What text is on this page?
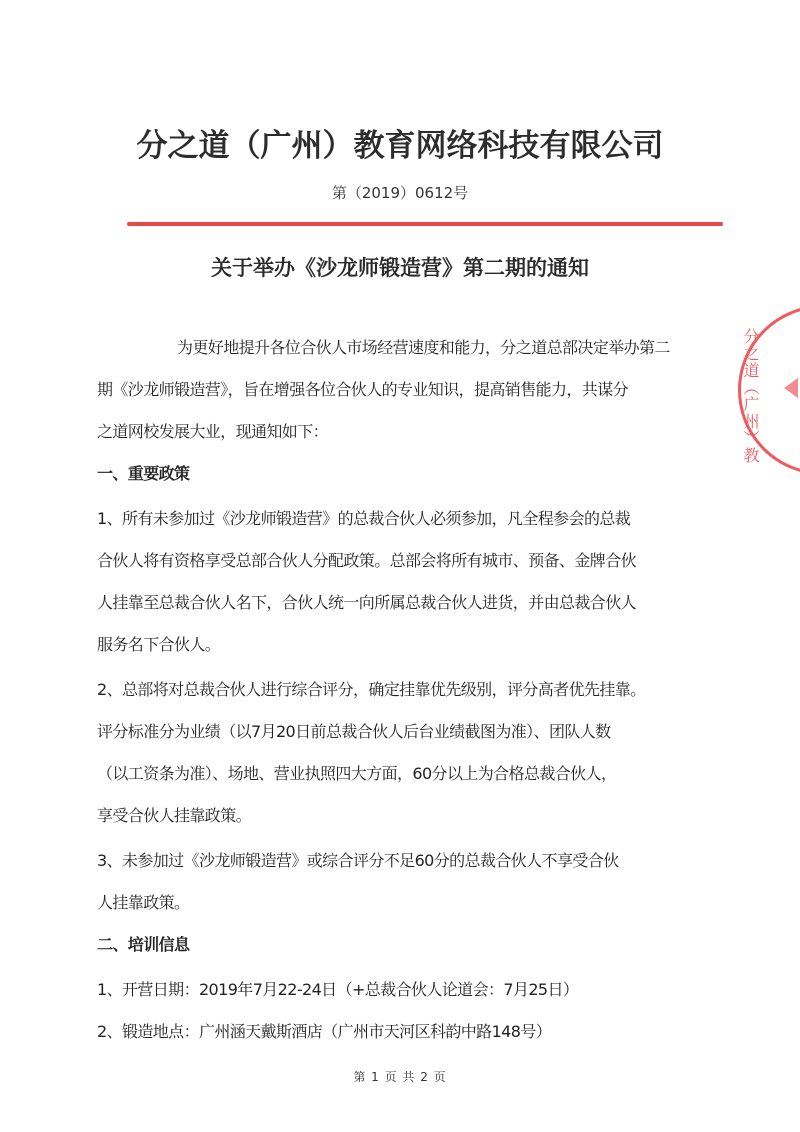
分之道（广州）教育网络科技有限公司
第（2019）0612号
关于举办《沙龙师锻造营》第二期的通知
为更好地提升各位合伙人市场经营速度和能力，分之道总部决定举办第二
期《沙龙师锻造营》，旨在增强各位合伙人的专业知识，提高销售能力，共谋分
之道网校发展大业，现通知如下：
一、重要政策
1、所有未参加过《沙龙师锻造营》的总裁合伙人必须参加，凡全程参会的总裁
合伙人将有资格享受总部合伙人分配政策。总部会将所有城市、预备、金牌合伙
人挂靠至总裁合伙人名下，合伙人统一向所属总裁合伙人进货，并由总裁合伙人
服务名下合伙人。
2、总部将对总裁合伙人进行综合评分，确定挂靠优先级别，评分高者优先挂靠。
评分标准分为业绩（以7月20日前总裁合伙人后台业绩截图为准）、团队人数
（以工资条为准）、场地、营业执照四大方面，60分以上为合格总裁合伙人，
享受合伙人挂靠政策。
3、未参加过《沙龙师锻造营》或综合评分不足60分的总裁合伙人不享受合伙
人挂靠政策。
二、培训信息
1、开营日期：2019年7月22-24日（+总裁合伙人论道会：7月25日）
2、锻造地点：广州涵天戴斯酒店（广州市天河区科韵中路148号）
分之道（广州）教
第 1 页 共 2 页
